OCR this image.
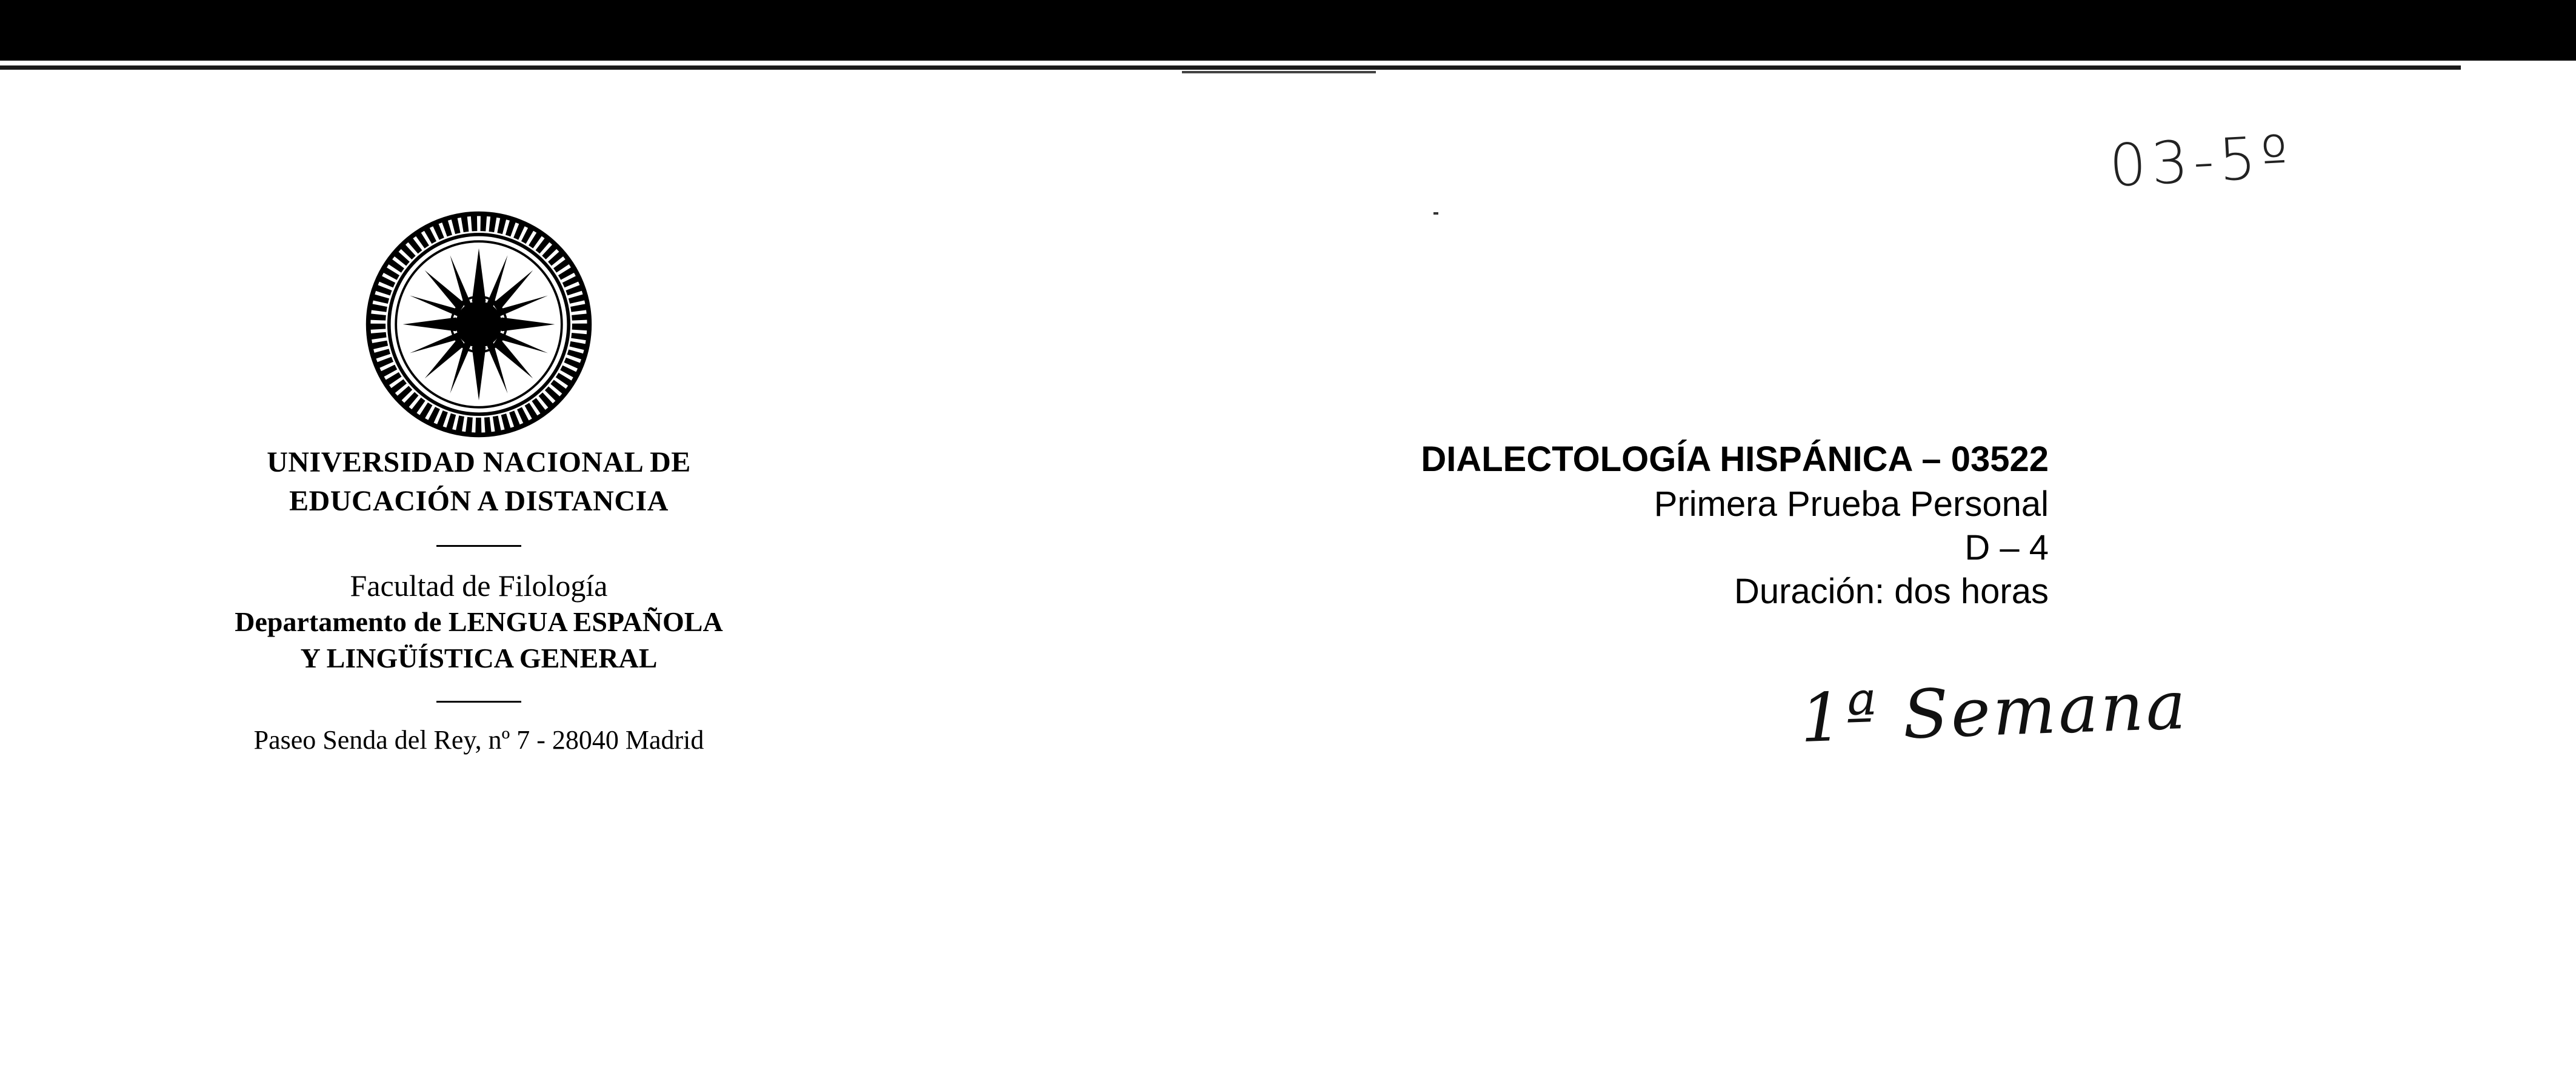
UNIVERSIDAD NACIONAL DE
EDUCACIÓN A DISTANCIA
Facultad de Filología
Departamento de LENGUA ESPAÑOLA
Y LINGÜÍSTICA GENERAL
Paseo Senda del Rey, nº 7 - 28040 Madrid
DIALECTOLOGÍA HISPÁNICA – 03522
Primera Prueba Personal
D – 4
Duración: dos horas
03-5º
1ª Semana
